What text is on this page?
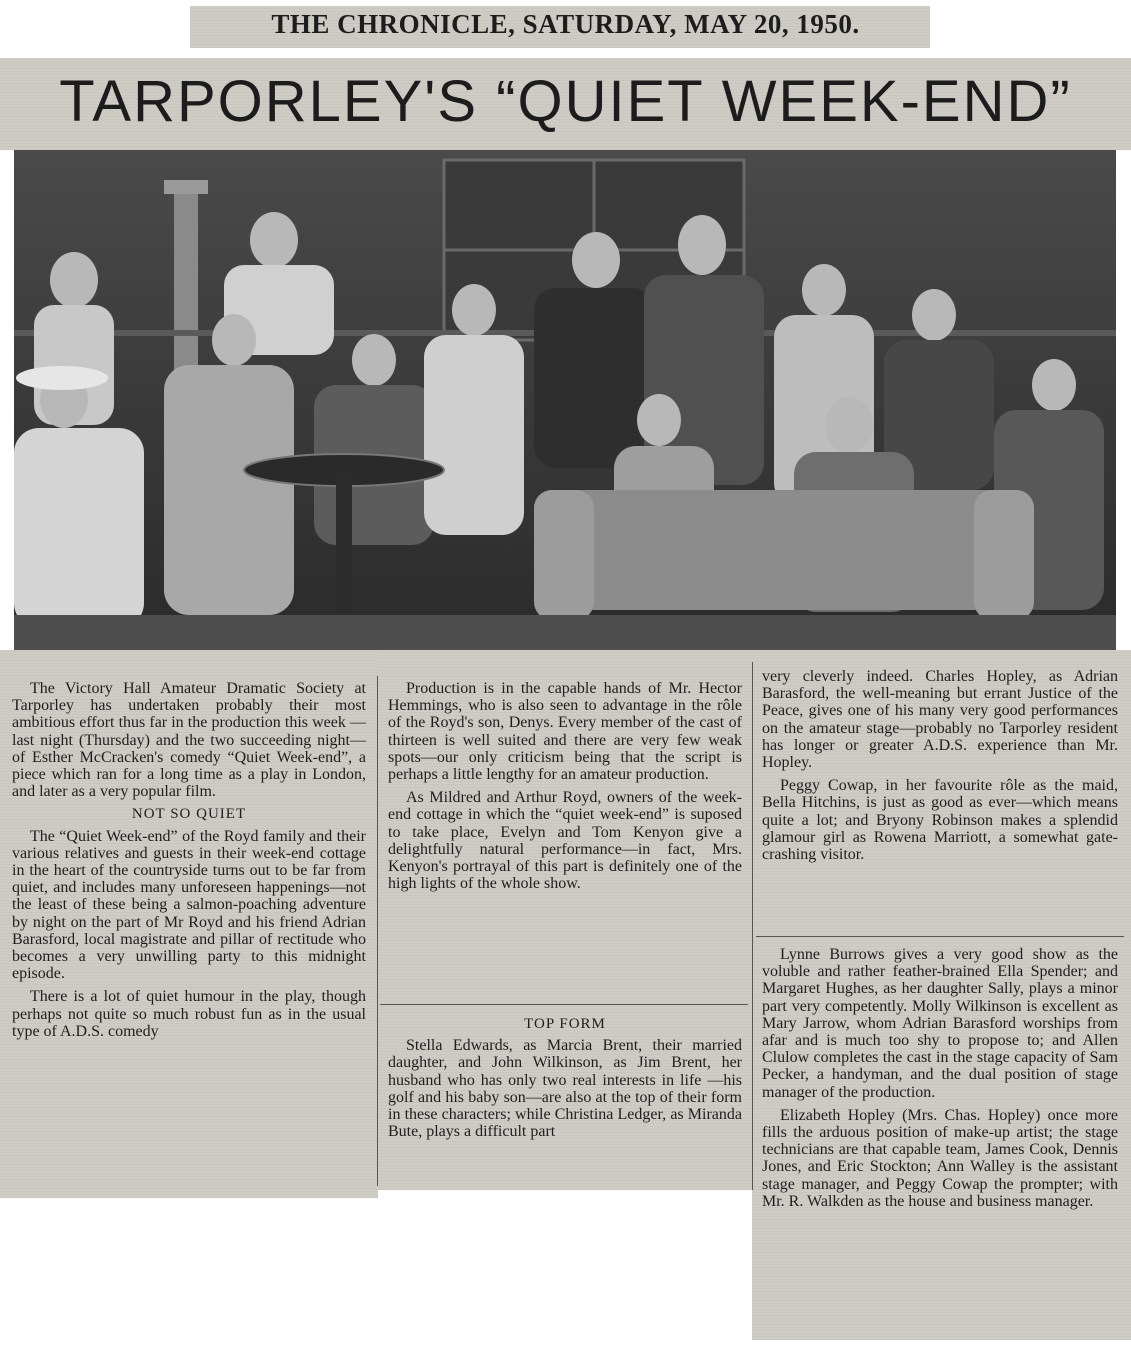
THE CHRONICLE, SATURDAY, MAY 20, 1950.
TARPORLEY'S “QUIET WEEK-END”

The Victory Hall Amateur Dramatic Society at Tarporley has undertaken probably their most ambitious effort thus far in the production this week —last night (Thursday) and the two succeeding night—of Esther McCracken's comedy “Quiet Week-end”, a piece which ran for a long time as a play in London, and later as a very popular film.

NOT SO QUIET

The “Quiet Week-end” of the Royd family and their various relatives and guests in their week-end cottage in the heart of the countryside turns out to be far from quiet, and includes many unforeseen happenings—not the least of these being a salmon-poaching adventure by night on the part of Mr Royd and his friend Adrian Barasford, local magistrate and pillar of rectitude who becomes a very unwilling party to this midnight episode.

There is a lot of quiet humour in the play, though perhaps not quite so much robust fun as in the usual type of A.D.S. comedy

Production is in the capable hands of Mr. Hector Hemmings, who is also seen to advantage in the rôle of the Royd's son, Denys. Every member of the cast of thirteen is well suited and there are very few weak spots—our only criticism being that the script is perhaps a little lengthy for an amateur production.

As Mildred and Arthur Royd, owners of the week-end cottage in which the “quiet week-end” is suposed to take place, Evelyn and Tom Kenyon give a delightfully natural performance—in fact, Mrs. Kenyon's portrayal of this part is definitely one of the high lights of the whole show.

TOP FORM

Stella Edwards, as Marcia Brent, their married daughter, and John Wilkinson, as Jim Brent, her husband who has only two real interests in life —his golf and his baby son—are also at the top of their form in these characters; while Christina Ledger, as Miranda Bute, plays a difficult part

very cleverly indeed. Charles Hopley, as Adrian Barasford, the well-meaning but errant Justice of the Peace, gives one of his many very good performances on the amateur stage—probably no Tarporley resident has longer or greater A.D.S. experience than Mr. Hopley.

Peggy Cowap, in her favourite rôle as the maid, Bella Hitchins, is just as good as ever—which means quite a lot; and Bryony Robinson makes a splendid glamour girl as Rowena Marriott, a somewhat gate-crashing visitor.

Lynne Burrows gives a very good show as the voluble and rather feather-brained Ella Spender; and Margaret Hughes, as her daughter Sally, plays a minor part very competently. Molly Wilkinson is excellent as Mary Jarrow, whom Adrian Barasford worships from afar and is much too shy to propose to; and Allen Clulow completes the cast in the stage capacity of Sam Pecker, a handyman, and the dual position of stage manager of the production.

Elizabeth Hopley (Mrs. Chas. Hopley) once more fills the arduous position of make-up artist; the stage technicians are that capable team, James Cook, Dennis Jones, and Eric Stockton; Ann Walley is the assistant stage manager, and Peggy Cowap the prompter; with Mr. R. Walkden as the house and business manager.
